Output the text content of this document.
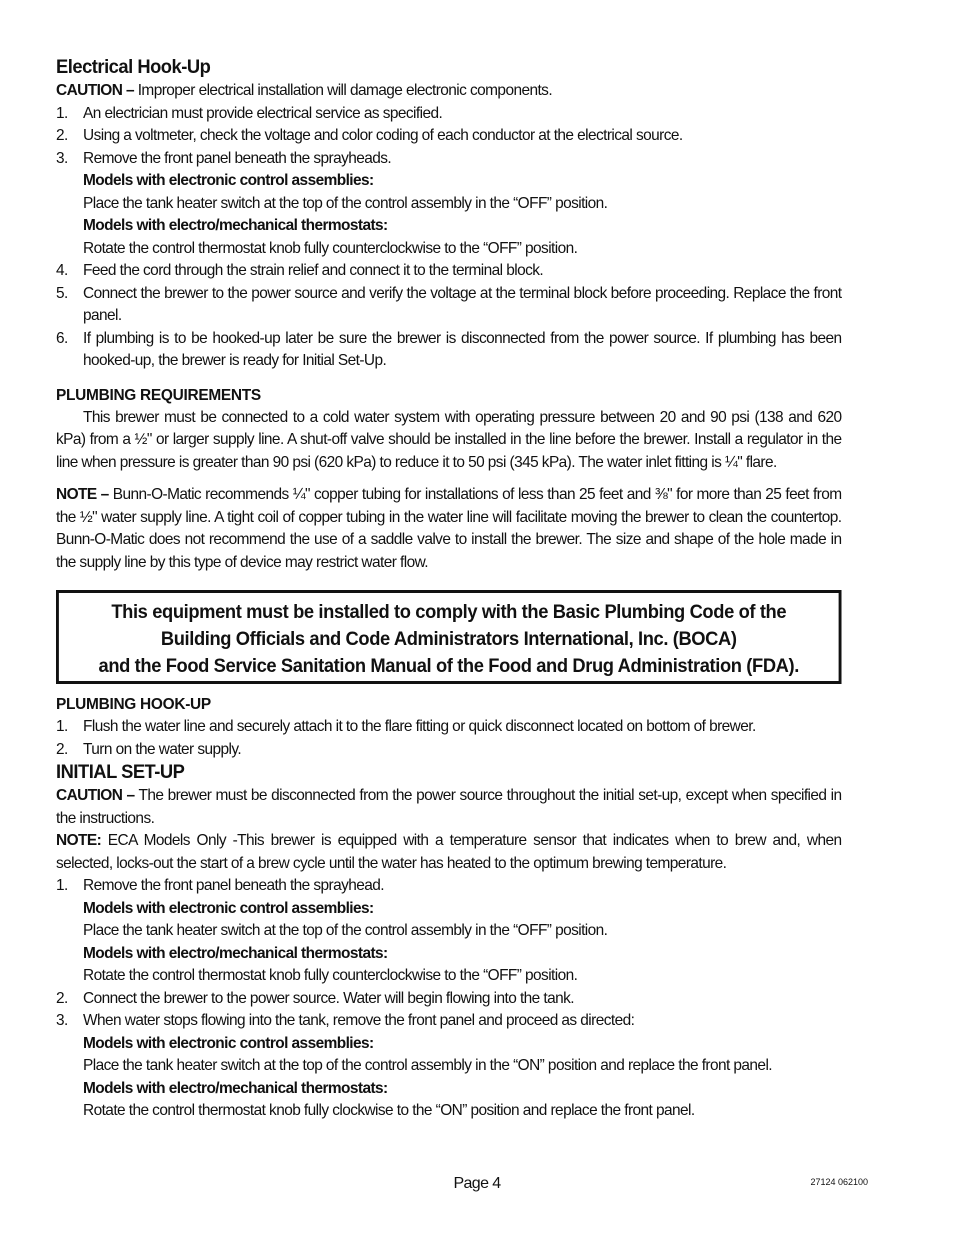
Electrical Hook-Up

CAUTION – Improper electrical installation will damage electronic components.

1. An electrician must provide electrical service as specified.
2. Using a voltmeter, check the voltage and color coding of each conductor at the electrical source.
3. Remove the front panel beneath the sprayheads.
Models with electronic control assemblies:
Place the tank heater switch at the top of the control assembly in the “OFF” position.
Models with electro/mechanical thermostats:
Rotate the control thermostat knob fully counterclockwise to the “OFF” position.
4. Feed the cord through the strain relief and connect it to the terminal block.
5. Connect the brewer to the power source and verify the voltage at the terminal block before proceeding. Replace the front panel.
6. If plumbing is to be hooked-up later be sure the brewer is disconnected from the power source. If plumbing has been hooked-up, the brewer is ready for Initial Set-Up.
PLUMBING REQUIREMENTS

This brewer must be connected to a cold water system with operating pressure between 20 and 90 psi (138 and 620 kPa) from a ½" or larger supply line. A shut-off valve should be installed in the line before the brewer. Install a regulator in the line when pressure is greater than 90 psi (620 kPa) to reduce it to 50 psi (345 kPa). The water inlet fitting is ¼" flare.

NOTE – Bunn-O-Matic recommends ¼" copper tubing for installations of less than 25 feet and ⅜" for more than 25 feet from the ½" water supply line. A tight coil of copper tubing in the water line will facilitate moving the brewer to clean the countertop. Bunn-O-Matic does not recommend the use of a saddle valve to install the brewer. The size and shape of the hole made in the supply line by this type of device may restrict water flow.

This equipment must be installed to comply with the Basic Plumbing Code of the
Building Officials and Code Administrators International, Inc. (BOCA)
and the Food Service Sanitation Manual of the Food and Drug Administration (FDA).
PLUMBING HOOK-UP
1. Flush the water line and securely attach it to the flare fitting or quick disconnect located on bottom of brewer.
2. Turn on the water supply.
INITIAL SET-UP

CAUTION – The brewer must be disconnected from the power source throughout the initial set-up, except when specified in the instructions.

NOTE: ECA Models Only -This brewer is equipped with a temperature sensor that indicates when to brew and, when selected, locks-out the start of a brew cycle until the water has heated to the optimum brewing temperature.

1. Remove the front panel beneath the sprayhead.
Models with electronic control assemblies:
Place the tank heater switch at the top of the control assembly in the “OFF” position.
Models with electro/mechanical thermostats:
Rotate the control thermostat knob fully counterclockwise to the “OFF” position.
2. Connect the brewer to the power source. Water will begin flowing into the tank.
3. When water stops flowing into the tank, remove the front panel and proceed as directed:
Models with electronic control assemblies:
Place the tank heater switch at the top of the control assembly in the “ON” position and replace the front panel.
Models with electro/mechanical thermostats:
Rotate the control thermostat knob fully clockwise to the “ON” position and replace the front panel.
Page 4	27124 062100
